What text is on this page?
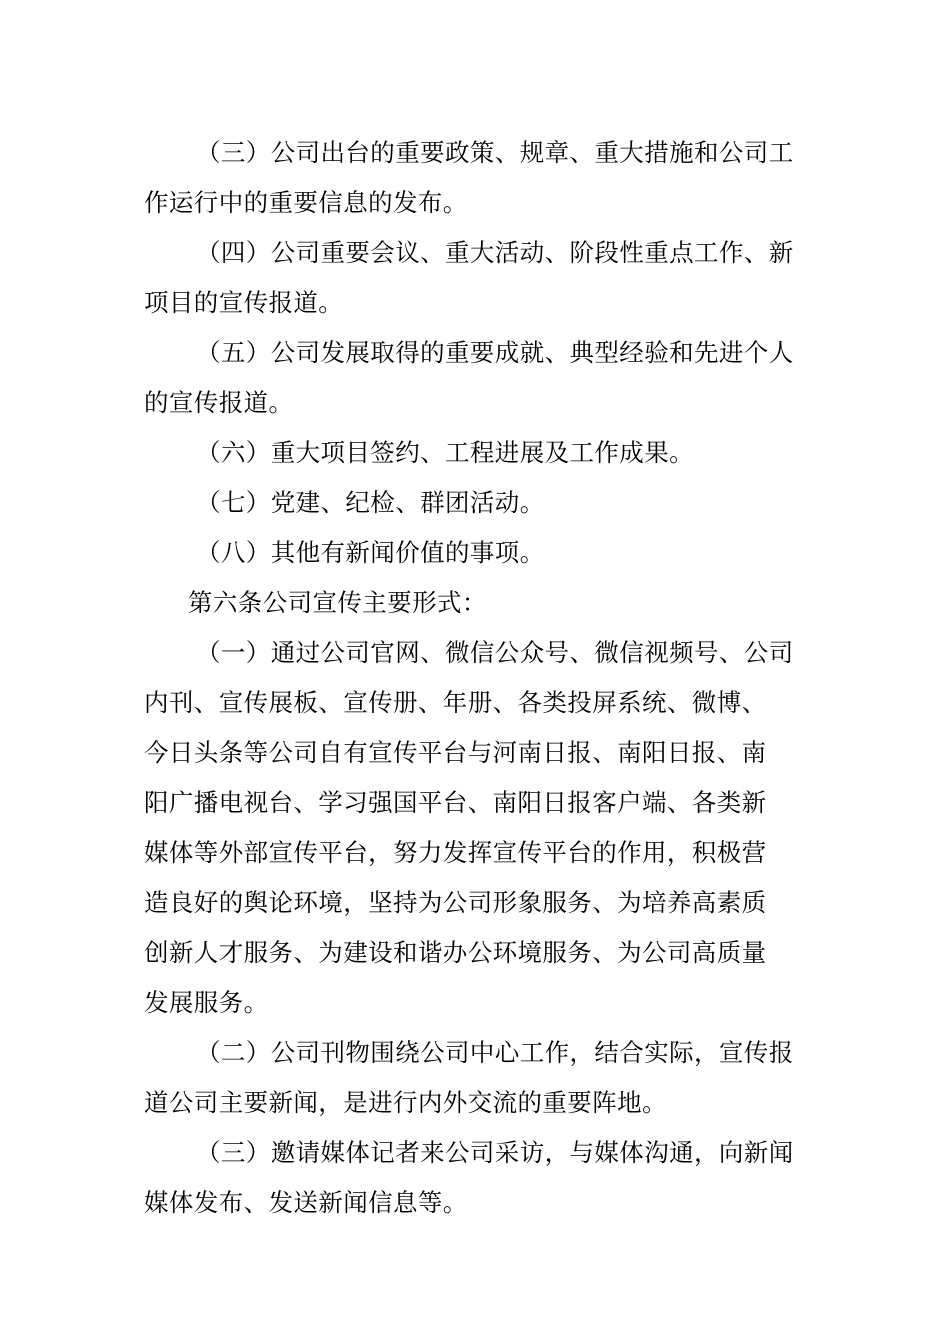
（三）公司出台的重要政策、规章、重大措施和公司工
作运行中的重要信息的发布。

（四）公司重要会议、重大活动、阶段性重点工作、新
项目的宣传报道。

（五）公司发展取得的重要成就、典型经验和先进个人
的宣传报道。

（六）重大项目签约、工程进展及工作成果。

（七）党建、纪检、群团活动。

（八）其他有新闻价值的事项。

第六条公司宣传主要形式：

（一）通过公司官网、微信公众号、微信视频号、公司
内刊、宣传展板、宣传册、年册、各类投屏系统、微博、
今日头条等公司自有宣传平台与河南日报、南阳日报、南
阳广播电视台、学习强国平台、南阳日报客户端、各类新
媒体等外部宣传平台，努力发挥宣传平台的作用，积极营
造良好的舆论环境，坚持为公司形象服务、为培养高素质
创新人才服务、为建设和谐办公环境服务、为公司高质量
发展服务。

（二）公司刊物围绕公司中心工作，结合实际，宣传报
道公司主要新闻，是进行内外交流的重要阵地。

（三）邀请媒体记者来公司采访，与媒体沟通，向新闻
媒体发布、发送新闻信息等。
